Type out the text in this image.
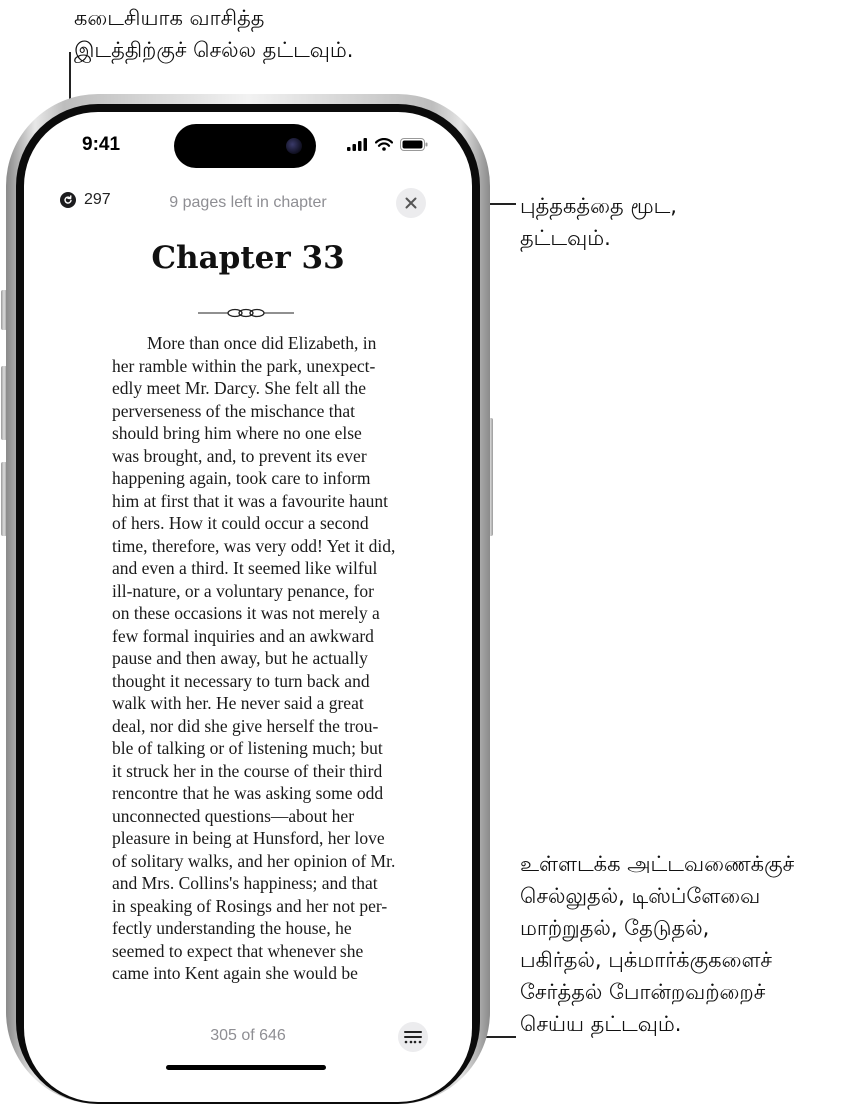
கடைசியாக வாசித்த
இடத்திற்குச் செல்ல தட்டவும்.
புத்தகத்தை மூட,
தட்டவும்.
உள்ளடக்க அட்டவணைக்குச்
செல்லுதல், டிஸ்ப்ளேவை
மாற்றுதல், தேடுதல்,
பகிர்தல், புக்மார்க்குகளைச்
சேர்த்தல் போன்றவற்றைச்
செய்ய தட்டவும்.
9:41
297	9 pages left in chapter
Chapter 33
More than once did Elizabeth, in
her ramble within the park, unexpect-
edly meet Mr. Darcy. She felt all the
perverseness of the mischance that
should bring him where no one else
was brought, and, to prevent its ever
happening again, took care to inform
him at first that it was a favourite haunt
of hers. How it could occur a second
time, therefore, was very odd! Yet it did,
and even a third. It seemed like wilful
ill-nature, or a voluntary penance, for
on these occasions it was not merely a
few formal inquiries and an awkward
pause and then away, but he actually
thought it necessary to turn back and
walk with her. He never said a great
deal, nor did she give herself the trou-
ble of talking or of listening much; but
it struck her in the course of their third
rencontre that he was asking some odd
unconnected questions—about her
pleasure in being at Hunsford, her love
of solitary walks, and her opinion of Mr.
and Mrs. Collins's happiness; and that
in speaking of Rosings and her not per-
fectly understanding the house, he
seemed to expect that whenever she
came into Kent again she would be
305 of 646
